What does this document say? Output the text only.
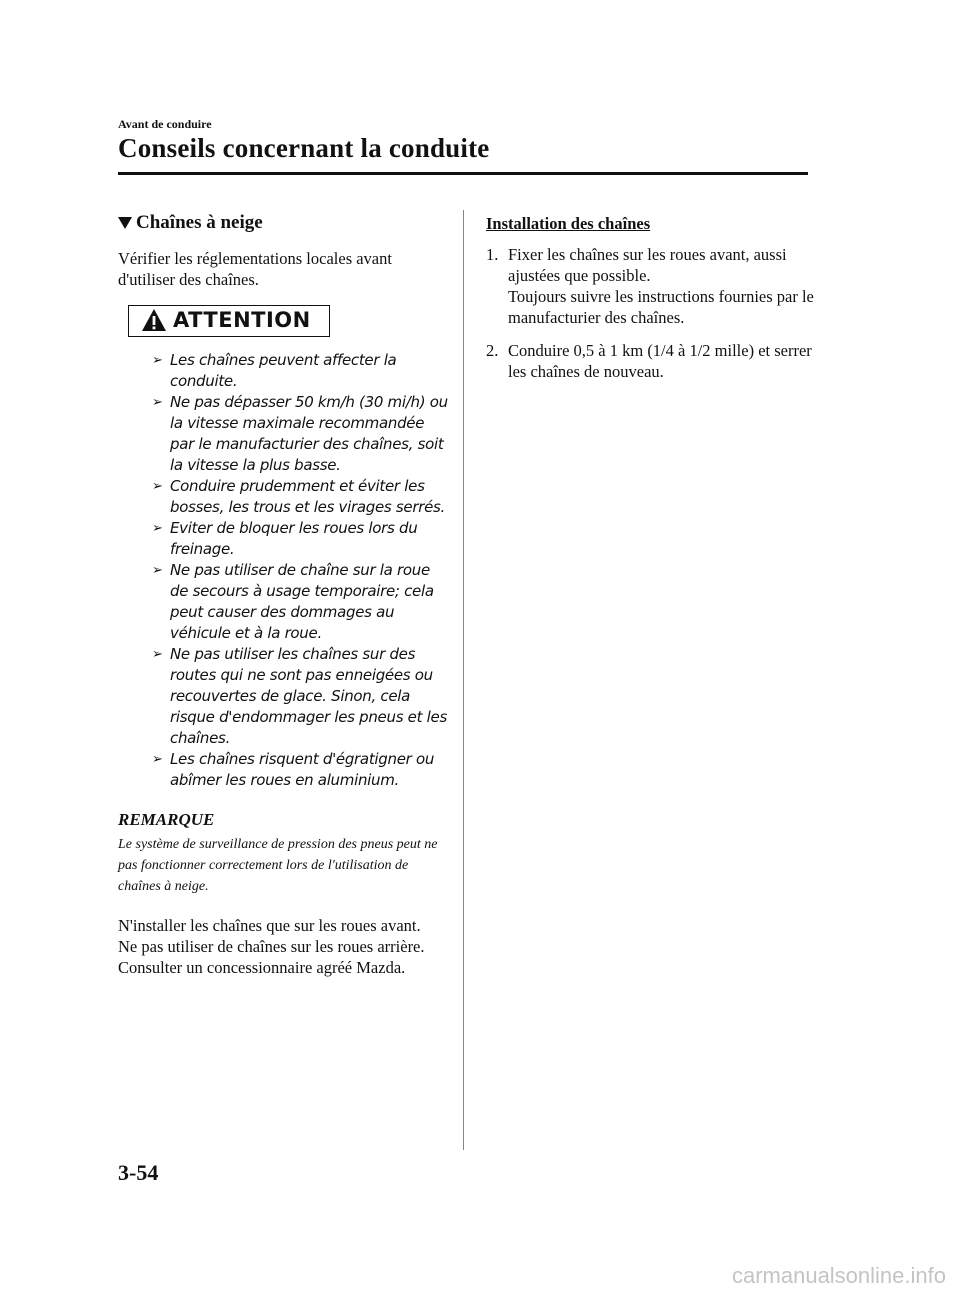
Avant de conduire
Conseils concernant la conduite
Chaînes à neige

Vérifier les réglementations locales avant d'utiliser des chaînes.

ATTENTION
➢ Les chaînes peuvent affecter la conduite.
➢ Ne pas dépasser 50 km/h (30 mi/h) ou la vitesse maximale recommandée par le manufacturier des chaînes, soit la vitesse la plus basse.
➢ Conduire prudemment et éviter les bosses, les trous et les virages serrés.
➢ Eviter de bloquer les roues lors du freinage.
➢ Ne pas utiliser de chaîne sur la roue de secours à usage temporaire; cela peut causer des dommages au véhicule et à la roue.
➢ Ne pas utiliser les chaînes sur des routes qui ne sont pas enneigées ou recouvertes de glace. Sinon, cela risque d'endommager les pneus et les chaînes.
➢ Les chaînes risquent d'égratigner ou abîmer les roues en aluminium.
REMARQUE

Le système de surveillance de pression des pneus peut ne pas fonctionner correctement lors de l'utilisation de chaînes à neige.

N'installer les chaînes que sur les roues avant.
Ne pas utiliser de chaînes sur les roues arrière.
Consulter un concessionnaire agréé Mazda.
Installation des chaînes
1. Fixer les chaînes sur les roues avant, aussi ajustées que possible.
Toujours suivre les instructions fournies par le manufacturier des chaînes.
2. Conduire 0,5 à 1 km (1/4 à 1/2 mille) et serrer les chaînes de nouveau.
3-54
carmanualsonline.info
